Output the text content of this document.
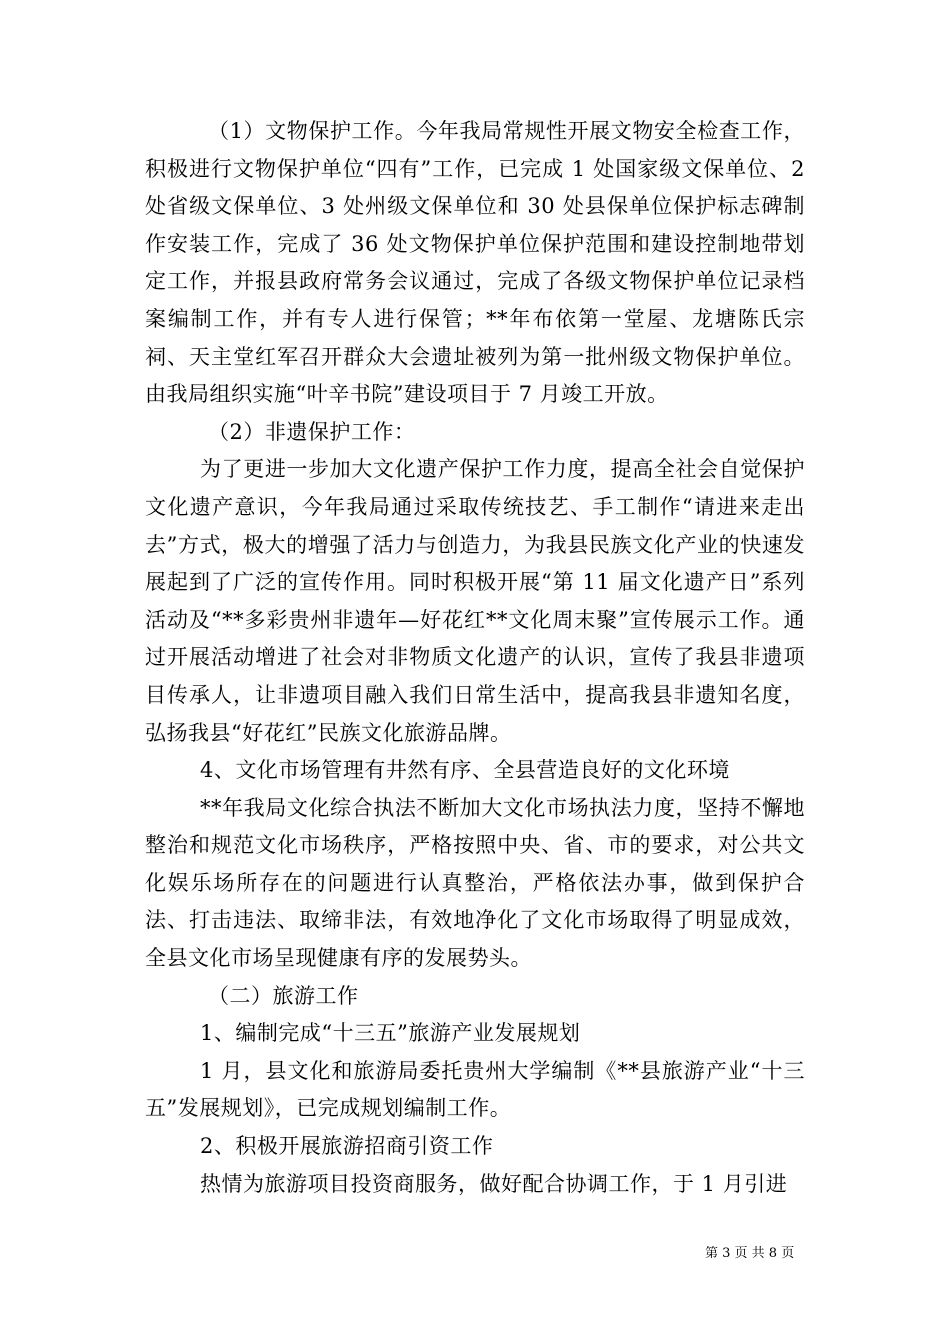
（1）文物保护工作。今年我局常规性开展文物安全检查工作，积极进行文物保护单位“四有”工作，已完成 1 处国家级文保单位、2 处省级文保单位、3 处州级文保单位和 30 处县保单位保护标志碑制作安装工作，完成了 36 处文物保护单位保护范围和建设控制地带划定工作，并报县政府常务会议通过，完成了各级文物保护单位记录档案编制工作，并有专人进行保管；**年布依第一堂屋、龙塘陈氏宗祠、天主堂红军召开群众大会遗址被列为第一批州级文物保护单位。由我局组织实施“叶辛书院”建设项目于 7 月竣工开放。

（2）非遗保护工作：

为了更进一步加大文化遗产保护工作力度，提高全社会自觉保护文化遗产意识，今年我局通过采取传统技艺、手工制作“请进来走出去”方式，极大的增强了活力与创造力，为我县民族文化产业的快速发展起到了广泛的宣传作用。同时积极开展“第 11 届文化遗产日”系列活动及“**多彩贵州非遗年—好花红**文化周末聚”宣传展示工作。通过开展活动增进了社会对非物质文化遗产的认识，宣传了我县非遗项目传承人，让非遗项目融入我们日常生活中，提高我县非遗知名度，弘扬我县“好花红”民族文化旅游品牌。

4、文化市场管理有井然有序、全县营造良好的文化环境

**年我局文化综合执法不断加大文化市场执法力度，坚持不懈地整治和规范文化市场秩序，严格按照中央、省、市的要求，对公共文化娱乐场所存在的问题进行认真整治，严格依法办事，做到保护合法、打击违法、取缔非法，有效地净化了文化市场取得了明显成效，全县文化市场呈现健康有序的发展势头。

（二）旅游工作

1、编制完成“十三五”旅游产业发展规划

1 月，县文化和旅游局委托贵州大学编制《**县旅游产业“十三五”发展规划》，已完成规划编制工作。

2、积极开展旅游招商引资工作

热情为旅游项目投资商服务，做好配合协调工作，于 1 月引进

第 3 页 共 8 页
